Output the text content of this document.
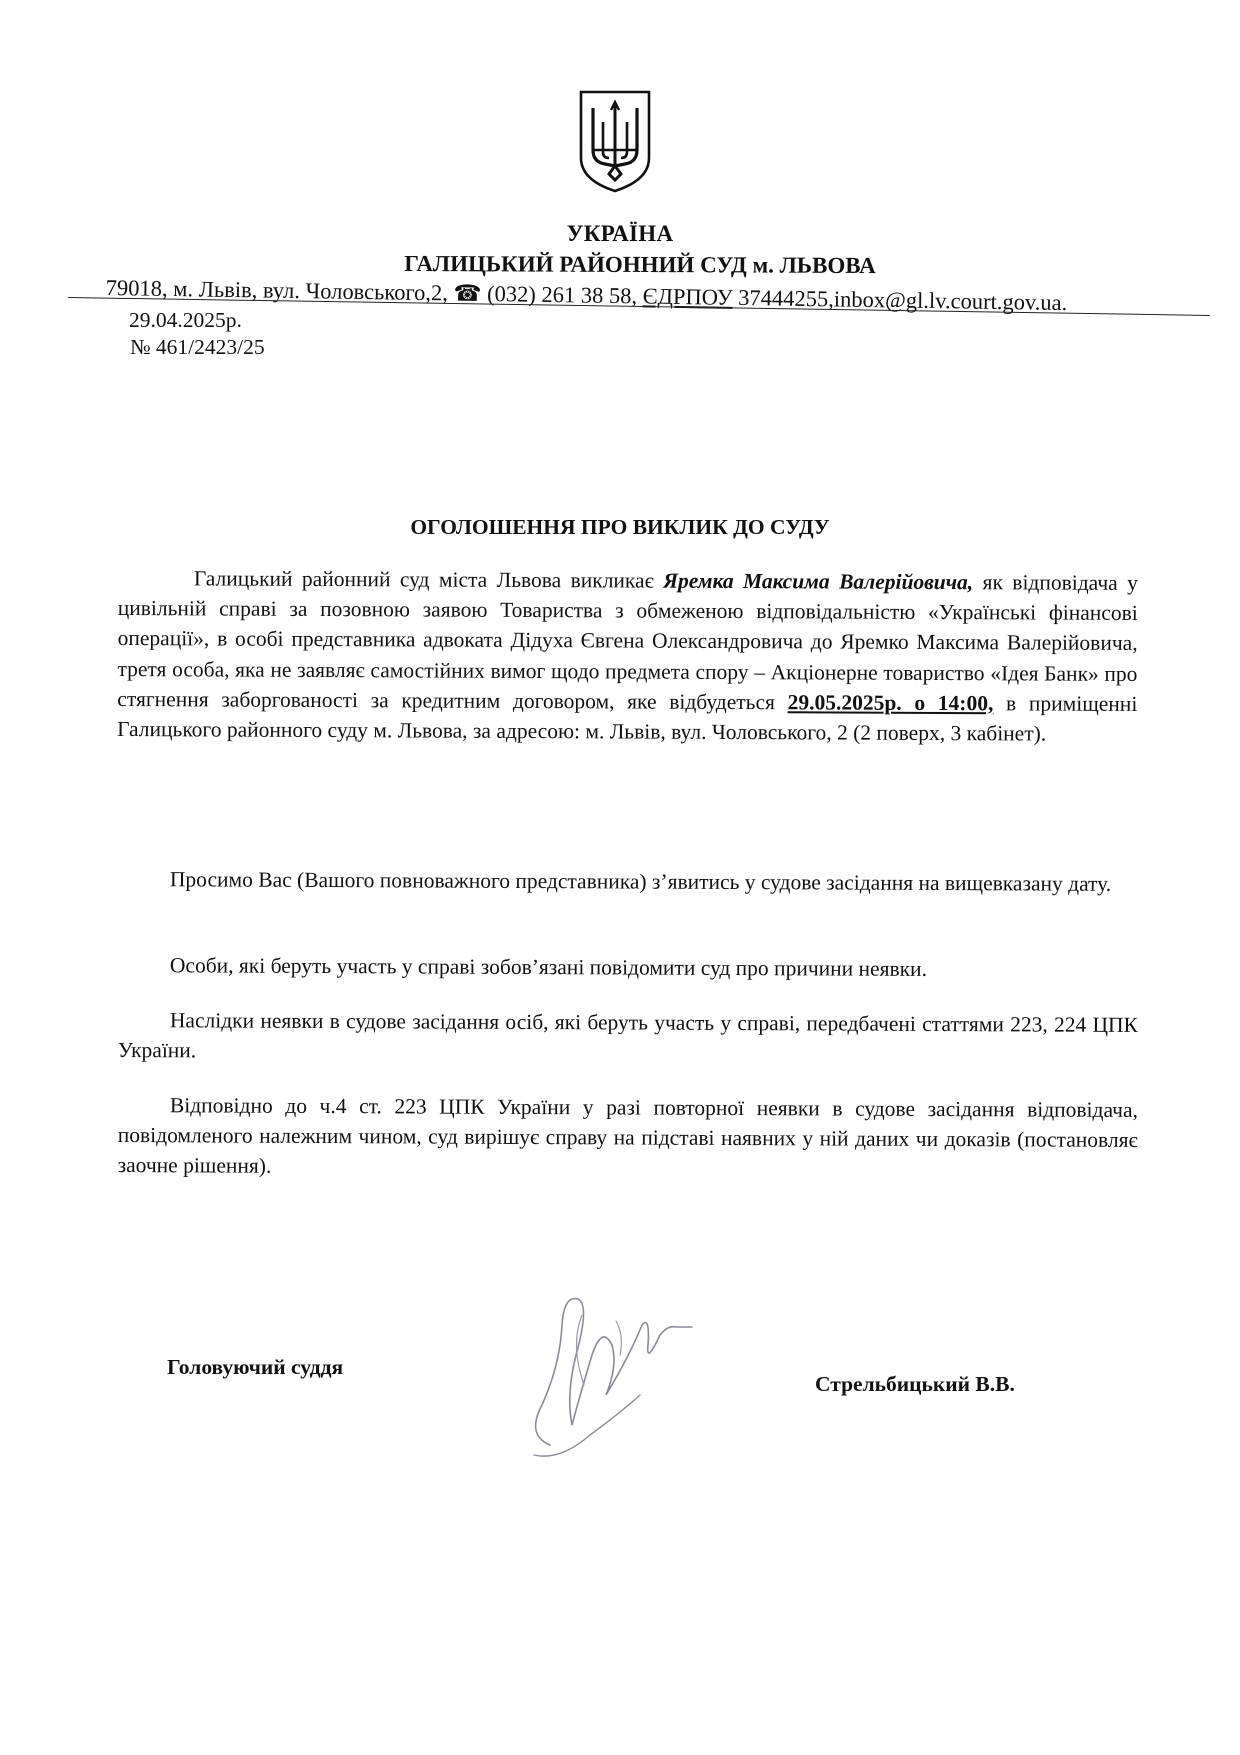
УКРАЇНА
ГАЛИЦЬКИЙ РАЙОННИЙ СУД м. ЛЬВОВА
79018, м. Львів, вул. Чоловського,2, ☎ (032) 261 38 58, ЄДРПОУ 37444255,inbox@gl.lv.court.gov.ua.
29.04.2025р.
№ 461/2423/25
ОГОЛОШЕННЯ ПРО ВИКЛИК ДО СУДУ
Галицький районний суд міста Львова викликає Яремка Максима Валерійовича, як відповідача у цивільній справі за позовною заявою Товариства з обмеженою відповідальністю «Українські фінансові операції», в особі представника адвоката Дідуха Євгена Олександровича до Яремко Максима Валерійовича, третя особа, яка не заявляє самостійних вимог щодо предмета спору – Акціонерне товариство «Ідея Банк» про стягнення заборгованості за кредитним договором, яке відбудеться 29.05.2025р. о 14:00, в приміщенні Галицького районного суду м. Львова, за адресою: м. Львів, вул. Чоловського, 2 (2 поверх, 3 кабінет).
Просимо Вас (Вашого повноважного представника) з’явитись у судове засідання на вищевказану дату.
Особи, які беруть участь у справі зобов’язані повідомити суд про причини неявки.
Наслідки неявки в судове засідання осіб, які беруть участь у справі, передбачені статтями 223, 224 ЦПК України.
Відповідно до ч.4 ст. 223 ЦПК України у разі повторної неявки в судове засідання відповідача, повідомленого належним чином, суд вирішує справу на підставі наявних у ній даних чи доказів (постановляє заочне рішення).
Головуючий суддя
Стрельбицький В.В.
